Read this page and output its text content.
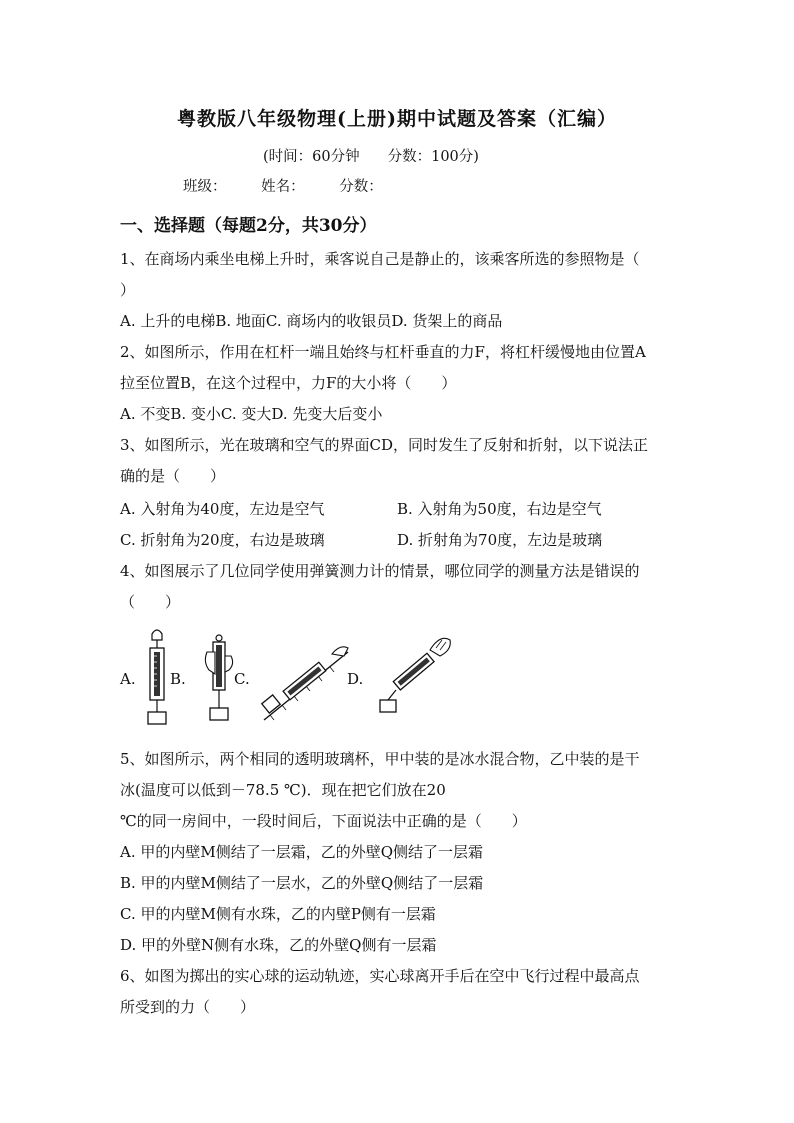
粤教版八年级物理(上册)期中试题及答案（汇编）
(时间：60分钟 分数：100分)
班级： 姓名： 分数：
一、选择题（每题2分，共30分）
1、在商场内乘坐电梯上升时，乘客说自己是静止的，该乘客所选的参照物是（
）
A. 上升的电梯B. 地面C. 商场内的收银员D. 货架上的商品
2、如图所示，作用在杠杆一端且始终与杠杆垂直的力F，将杠杆缓慢地由位置A
拉至位置B，在这个过程中，力F的大小将（　　）
A. 不变B. 变小C. 变大D. 先变大后变小
3、如图所示，光在玻璃和空气的界面CD，同时发生了反射和折射，以下说法正
确的是（　　）
A. 入射角为40度，左边是空气	B. 入射角为50度，右边是空气
C. 折射角为20度，右边是玻璃	D. 折射角为70度，左边是玻璃
4、如图展示了几位同学使用弹簧测力计的情景，哪位同学的测量方法是错误的
（　　）
A. B.	C.	D.
5、如图所示，两个相同的透明玻璃杯，甲中装的是冰水混合物，乙中装的是干
冰(温度可以低到－78.5 ℃)．现在把它们放在20
℃的同一房间中，一段时间后，下面说法中正确的是（　　）
A. 甲的内壁M侧结了一层霜，乙的外壁Q侧结了一层霜
B. 甲的内壁M侧结了一层水，乙的外壁Q侧结了一层霜
C. 甲的内壁M侧有水珠，乙的内壁P侧有一层霜
D. 甲的外壁N侧有水珠，乙的外壁Q侧有一层霜
6、如图为掷出的实心球的运动轨迹，实心球离开手后在空中飞行过程中最高点
所受到的力（　　）
